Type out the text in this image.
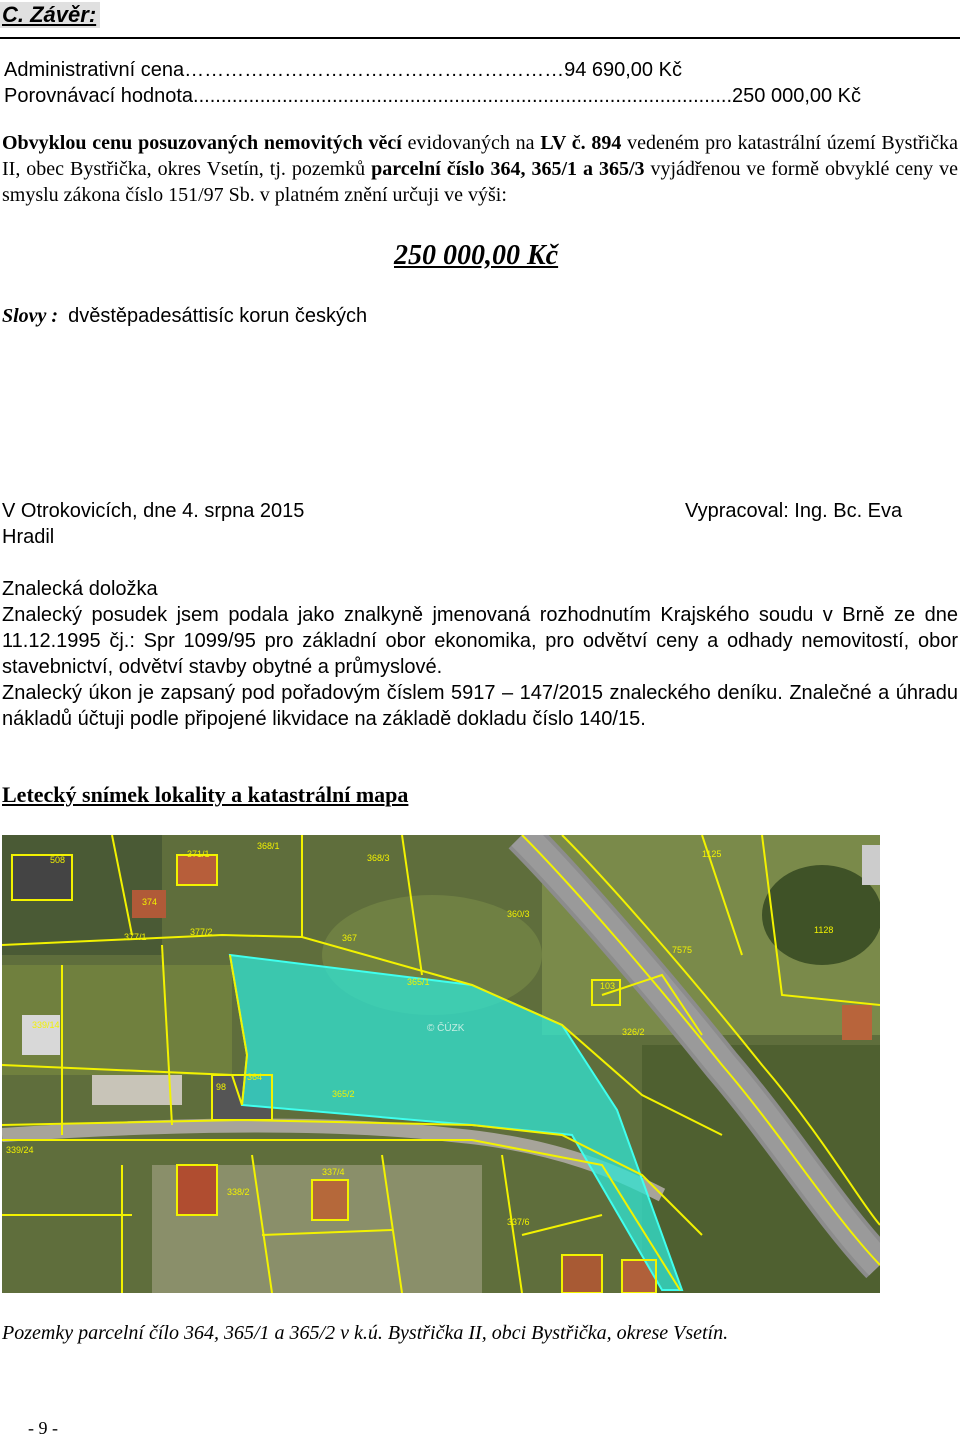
C. Závěr:
Administrativní cena…………………………………………………94 690,00 Kč
Porovnávací hodnota.................................................................................................250 000,00 Kč
Obvyklou cenu posuzovaných nemovitých věcí evidovaných na LV č. 894 vedeném pro katastrální území Bystřička II, obec Bystřička, okres Vsetín, tj. pozemků parcelní číslo 364, 365/1 a 365/3 vyjádřenou ve formě obvyklé ceny ve smyslu zákona číslo 151/97 Sb. v platném znění určuji ve výši:
250 000,00 Kč
Slovy : dvěstěpadesáttisíc korun českých
V Otrokovicích, dne 4. srpna 2015	Vypracoval: Ing. Bc. Eva
Hradil
Znalecká doložka
Znalecký posudek jsem podala jako znalkyně jmenovaná rozhodnutím Krajského soudu v Brně ze dne 11.12.1995 čj.: Spr 1099/95 pro základní obor ekonomika, pro odvětví ceny a odhady nemovitostí, obor stavebnictví, odvětví stavby obytné a průmyslové.
Znalecký úkon je zapsaný pod pořadovým číslem 5917 – 147/2015 znaleckého deníku. Znalečné a úhradu nákladů účtuji podle připojené likvidace na základě dokladu číslo 140/15.
Letecký snímek lokality a katastrální mapa
508
371/1
374
377/1	377/2
368/1
368/3
360/3
1125
1128
367
364
365/1
365/2
103
326/2
339/14
98
339/24
337/4
338/2
337/6
7575
© ČÚZK
Pozemky parcelní čílo 364, 365/1 a 365/2 v k.ú. Bystřička II, obci Bystřička, okrese Vsetín.
- 9 -
